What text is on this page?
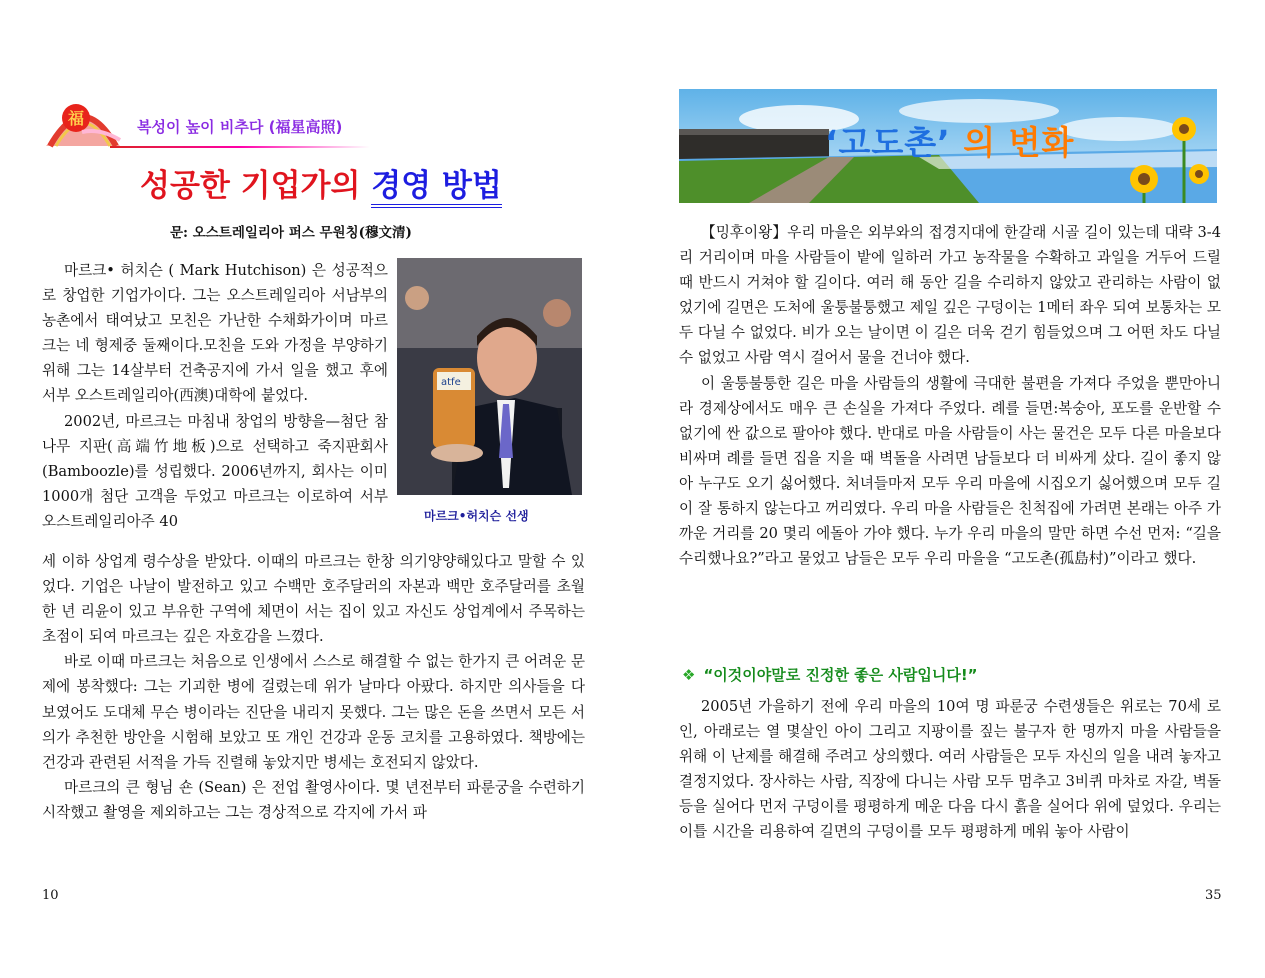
福	복성이 높이 비추다 (福星高照)
성공한 기업가의 경영 방법
문: 오스트레일리아 퍼스 무원칭(穆文清)

마르크• 허치슨 ( Mark Hutchison) 은 성공적으로 창업한 기업가이다. 그는 오스트레일리아 서남부의 농촌에서 태여났고 모친은 가난한 수채화가이며 마르크는 네 형제중 둘째이다.모친을 도와 가정을 부양하기 위해 그는 14살부터 건축공지에 가서 일을 했고 후에 서부 오스트레일리아(西澳)대학에 붙었다.

2002년, 마르크는 마침내 창업의 방향을—첨단 참나무 지판(高端竹地板)으로 선택하고 죽지판회사(Bamboozle)를 성립했다. 2006년까지, 회사는 이미 1000개 첨단 고객을 두었고 마르크는 이로하여 서부 오스트레일리아주 40

atfe
마르크•허치슨 선생

세 이하 상업계 령수상을 받았다. 이때의 마르크는 한창 의기양양해있다고 말할 수 있었다. 기업은 나날이 발전하고 있고 수백만 호주달러의 자본과 백만 호주달러를 초월한 년 리윤이 있고 부유한 구역에 체면이 서는 집이 있고 자신도 상업계에서 주목하는 초점이 되여 마르크는 깊은 자호감을 느꼈다.

바로 이때 마르크는 처음으로 인생에서 스스로 해결할 수 없는 한가지 큰 어려운 문제에 봉착했다: 그는 기괴한 병에 걸렸는데 위가 날마다 아팠다. 하지만 의사들을 다 보였어도 도대체 무슨 병이라는 진단을 내리지 못했다. 그는 많은 돈을 쓰면서 모든 서의가 추천한 방안을 시험해 보았고 또 개인 건강과 운동 코치를 고용하였다. 책방에는 건강과 관련된 서적을 가득 진렬해 놓았지만 병세는 호전되지 않았다.

마르크의 큰 형님 숀 (Sean) 은 전업 촬영사이다. 몇 년전부터 파룬궁을 수련하기 시작했고 촬영을 제외하고는 그는 경상적으로 각지에 가서 파

10
‘고도촌’ 의 변화

【밍후이왕】우리 마을은 외부와의 접경지대에 한갈래 시골 길이 있는데 대략 3-4리 거리이며 마을 사람들이 밭에 일하러 가고 농작물을 수확하고 과일을 거두어 드릴 때 반드시 거쳐야 할 길이다. 여러 해 동안 길을 수리하지 않았고 관리하는 사람이 없었기에 길면은 도처에 울퉁불퉁했고 제일 깊은 구덩이는 1메터 좌우 되여 보통차는 모두 다닐 수 없었다. 비가 오는 날이면 이 길은 더욱 걷기 힘들었으며 그 어떤 차도 다닐 수 없었고 사람 역시 걸어서 물을 건너야 했다.

이 울퉁불퉁한 길은 마을 사람들의 생활에 극대한 불편을 가져다 주었을 뿐만아니라 경제상에서도 매우 큰 손실을 가져다 주었다. 례를 들면:복숭아, 포도를 운반할 수 없기에 싼 값으로 팔아야 했다. 반대로 마을 사람들이 사는 물건은 모두 다른 마을보다 비싸며 례를 들면 집을 지을 때 벽돌을 사려면 남들보다 더 비싸게 샀다. 길이 좋지 않아 누구도 오기 싫어했다. 처녀들마저 모두 우리 마을에 시집오기 싫어했으며 모두 길이 잘 통하지 않는다고 꺼리였다. 우리 마을 사람들은 친척집에 가려면 본래는 아주 가까운 거리를 20 몇리 에돌아 가야 했다. 누가 우리 마을의 말만 하면 수선 먼저: “길을 수리했나요?”라고 물었고 남들은 모두 우리 마을을 “고도촌(孤島村)”이라고 했다.

❖ “이것이야말로 진정한 좋은 사람입니다!”

2005년 가을하기 전에 우리 마을의 10여 명 파룬궁 수련생들은 위로는 70세 로인, 아래로는 열 몇살인 아이 그리고 지팡이를 짚는 불구자 한 명까지 마을 사람들을 위해 이 난제를 해결해 주려고 상의했다. 여러 사람들은 모두 자신의 일을 내려 놓자고 결정지었다. 장사하는 사람, 직장에 다니는 사람 모두 멈추고 3비퀴 마차로 자갈, 벽돌 등을 실어다 먼저 구덩이를 평평하게 메운 다음 다시 흙을 실어다 위에 덮었다. 우리는 이틀 시간을 리용하여 길면의 구덩이를 모두 평평하게 메워 놓아 사람이

35
